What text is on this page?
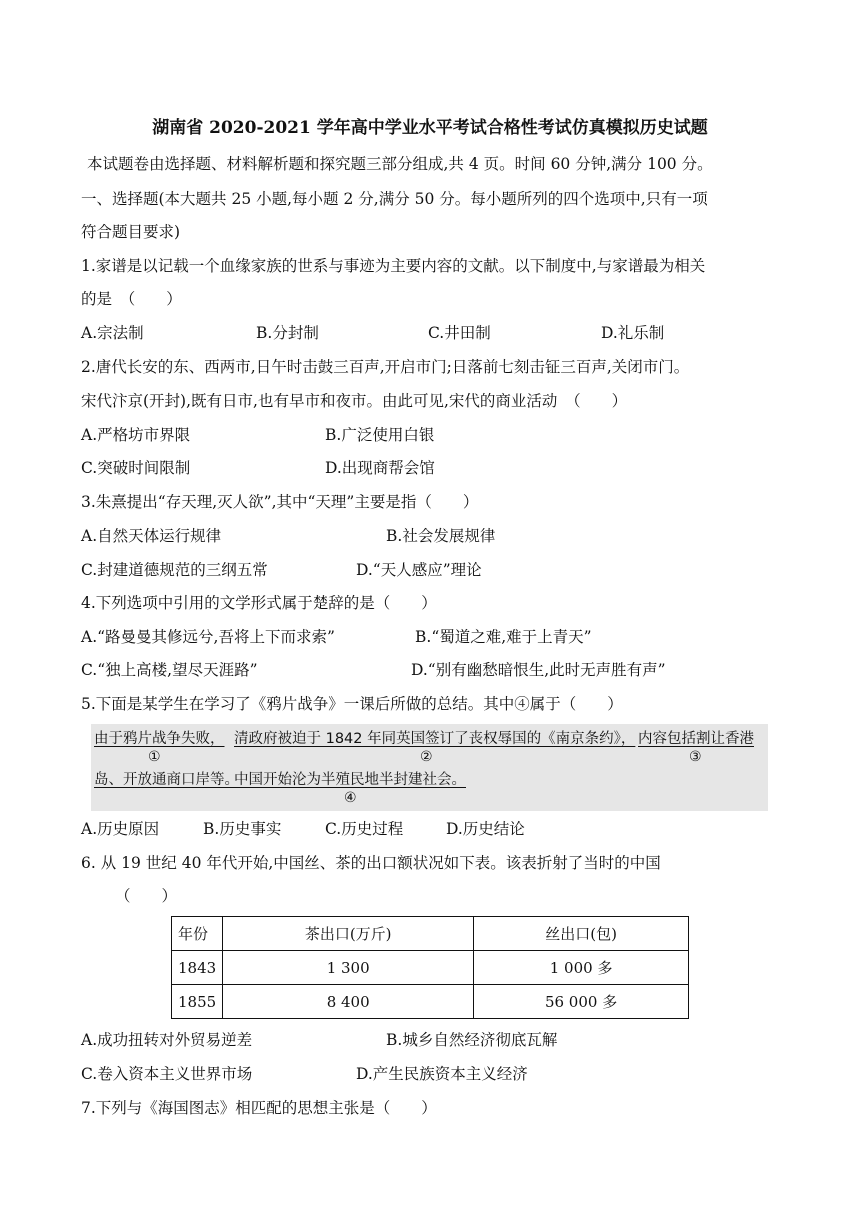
湖南省 2020-2021 学年高中学业水平考试合格性考试仿真模拟历史试题
本试题卷由选择题、材料解析题和探究题三部分组成,共 4 页。时间 60 分钟,满分 100 分。
一、选择题(本大题共 25 小题,每小题 2 分,满分 50 分。每小题所列的四个选项中,只有一项
符合题目要求)
1.家谱是以记载一个血缘家族的世系与事迹为主要内容的文献。以下制度中,与家谱最为相关
的是　（　　）
A.宗法制	B.分封制	C.井田制	D.礼乐制
2.唐代长安的东、西两市,日午时击鼓三百声,开启市门;日落前七刻击钲三百声,关闭市门。
宋代汴京(开封),既有日市,也有早市和夜市。由此可见,宋代的商业活动　（　　）
A.严格坊市界限	B.广泛使用白银
C.突破时间限制	D.出现商帮会馆
3.朱熹提出“存天理,灭人欲”,其中“天理”主要是指（　　）
A.自然天体运行规律	B.社会发展规律
C.封建道德规范的三纲五常	D.“天人感应”理论
4.下列选项中引用的文学形式属于楚辞的是（　　）
A.“路曼曼其修远兮,吾将上下而求索”	B.“蜀道之难,难于上青天”
C.“独上高楼,望尽天涯路”	D.“别有幽愁暗恨生,此时无声胜有声”
5.下面是某学生在学习了《鸦片战争》一课后所做的总结。其中④属于（　　）
由于鸦片战争失败， 清政府被迫于 1842 年同英国签订了丧权辱国的《南京条约》， 内容包括割让香港
①	②	③
岛、开放通商口岸等。
中国开始沦为半殖民地半封建社会。
④
A.历史原因	B.历史事实	C.历史过程	D.历史结论
6. 从 19 世纪 40 年代开始,中国丝、茶的出口额状况如下表。该表折射了当时的中国
（　　）
年份	茶出口(万斤)	丝出口(包)
1843	1 300	1 000 多
1855	8 400	56 000 多
A.成功扭转对外贸易逆差	B.城乡自然经济彻底瓦解
C.卷入资本主义世界市场	D.产生民族资本主义经济
7.下列与《海国图志》相匹配的思想主张是（　　）
